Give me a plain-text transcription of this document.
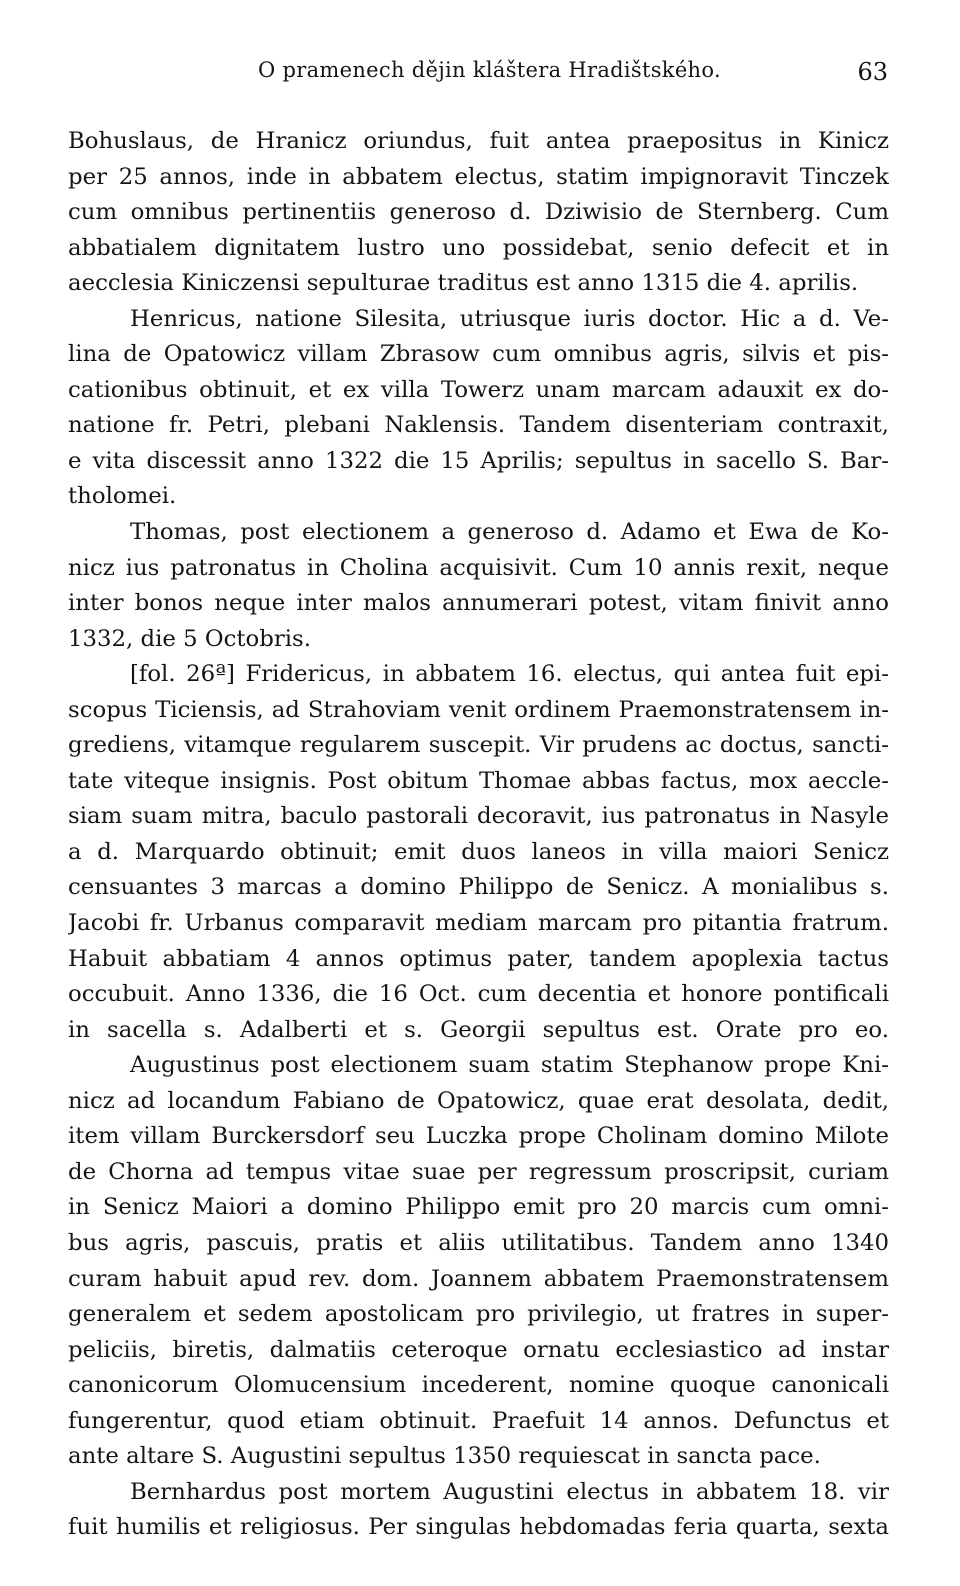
O pramenech dějin kláštera Hradištského.	63
Bohuslaus, de Hranicz oriundus, fuit antea praepositus in Kinicz
per 25 annos, inde in abbatem electus, statim impignoravit Tinczek
cum omnibus pertinentiis generoso d. Dziwisio de Sternberg. Cum
abbatialem dignitatem lustro uno possidebat, senio defecit et in
aecclesia Kiniczensi sepulturae traditus est anno 1315 die 4. aprilis.
Henricus, natione Silesita, utriusque iuris doctor. Hic a d. Ve-
lina de Opatowicz villam Zbrasow cum omnibus agris, silvis et pis-
cationibus obtinuit, et ex villa Towerz unam marcam adauxit ex do-
natione fr. Petri, plebani Naklensis. Tandem disenteriam contraxit,
e vita discessit anno 1322 die 15 Aprilis; sepultus in sacello S. Bar-
tholomei.
Thomas, post electionem a generoso d. Adamo et Ewa de Ko-
nicz ius patronatus in Cholina acquisivit. Cum 10 annis rexit, neque
inter bonos neque inter malos annumerari potest, vitam finivit anno
1332, die 5 Octobris.
[fol. 26ª] Fridericus, in abbatem 16. electus, qui antea fuit epi-
scopus Ticiensis, ad Strahoviam venit ordinem Praemonstratensem in-
grediens, vitamque regularem suscepit. Vir prudens ac doctus, sancti-
tate viteque insignis. Post obitum Thomae abbas factus, mox aeccle-
siam suam mitra, baculo pastorali decoravit, ius patronatus in Nasyle
a d. Marquardo obtinuit; emit duos laneos in villa maiori Senicz
censuantes 3 marcas a domino Philippo de Senicz. A monialibus s.
Jacobi fr. Urbanus comparavit mediam marcam pro pitantia fratrum.
Habuit abbatiam 4 annos optimus pater, tandem apoplexia tactus
occubuit. Anno 1336, die 16 Oct. cum decentia et honore pontificali
in sacella s. Adalberti et s. Georgii sepultus est. Orate pro eo.
Augustinus post electionem suam statim Stephanow prope Kni-
nicz ad locandum Fabiano de Opatowicz, quae erat desolata, dedit,
item villam Burckersdorf seu Luczka prope Cholinam domino Milote
de Chorna ad tempus vitae suae per regressum proscripsit, curiam
in Senicz Maiori a domino Philippo emit pro 20 marcis cum omni-
bus agris, pascuis, pratis et aliis utilitatibus. Tandem anno 1340
curam habuit apud rev. dom. Joannem abbatem Praemonstratensem
generalem et sedem apostolicam pro privilegio, ut fratres in super-
peliciis, biretis, dalmatiis ceteroque ornatu ecclesiastico ad instar
canonicorum Olomucensium incederent, nomine quoque canonicali
fungerentur, quod etiam obtinuit. Praefuit 14 annos. Defunctus et
ante altare S. Augustini sepultus 1350 requiescat in sancta pace.
Bernhardus post mortem Augustini electus in abbatem 18. vir
fuit humilis et religiosus. Per singulas hebdomadas feria quarta, sexta
